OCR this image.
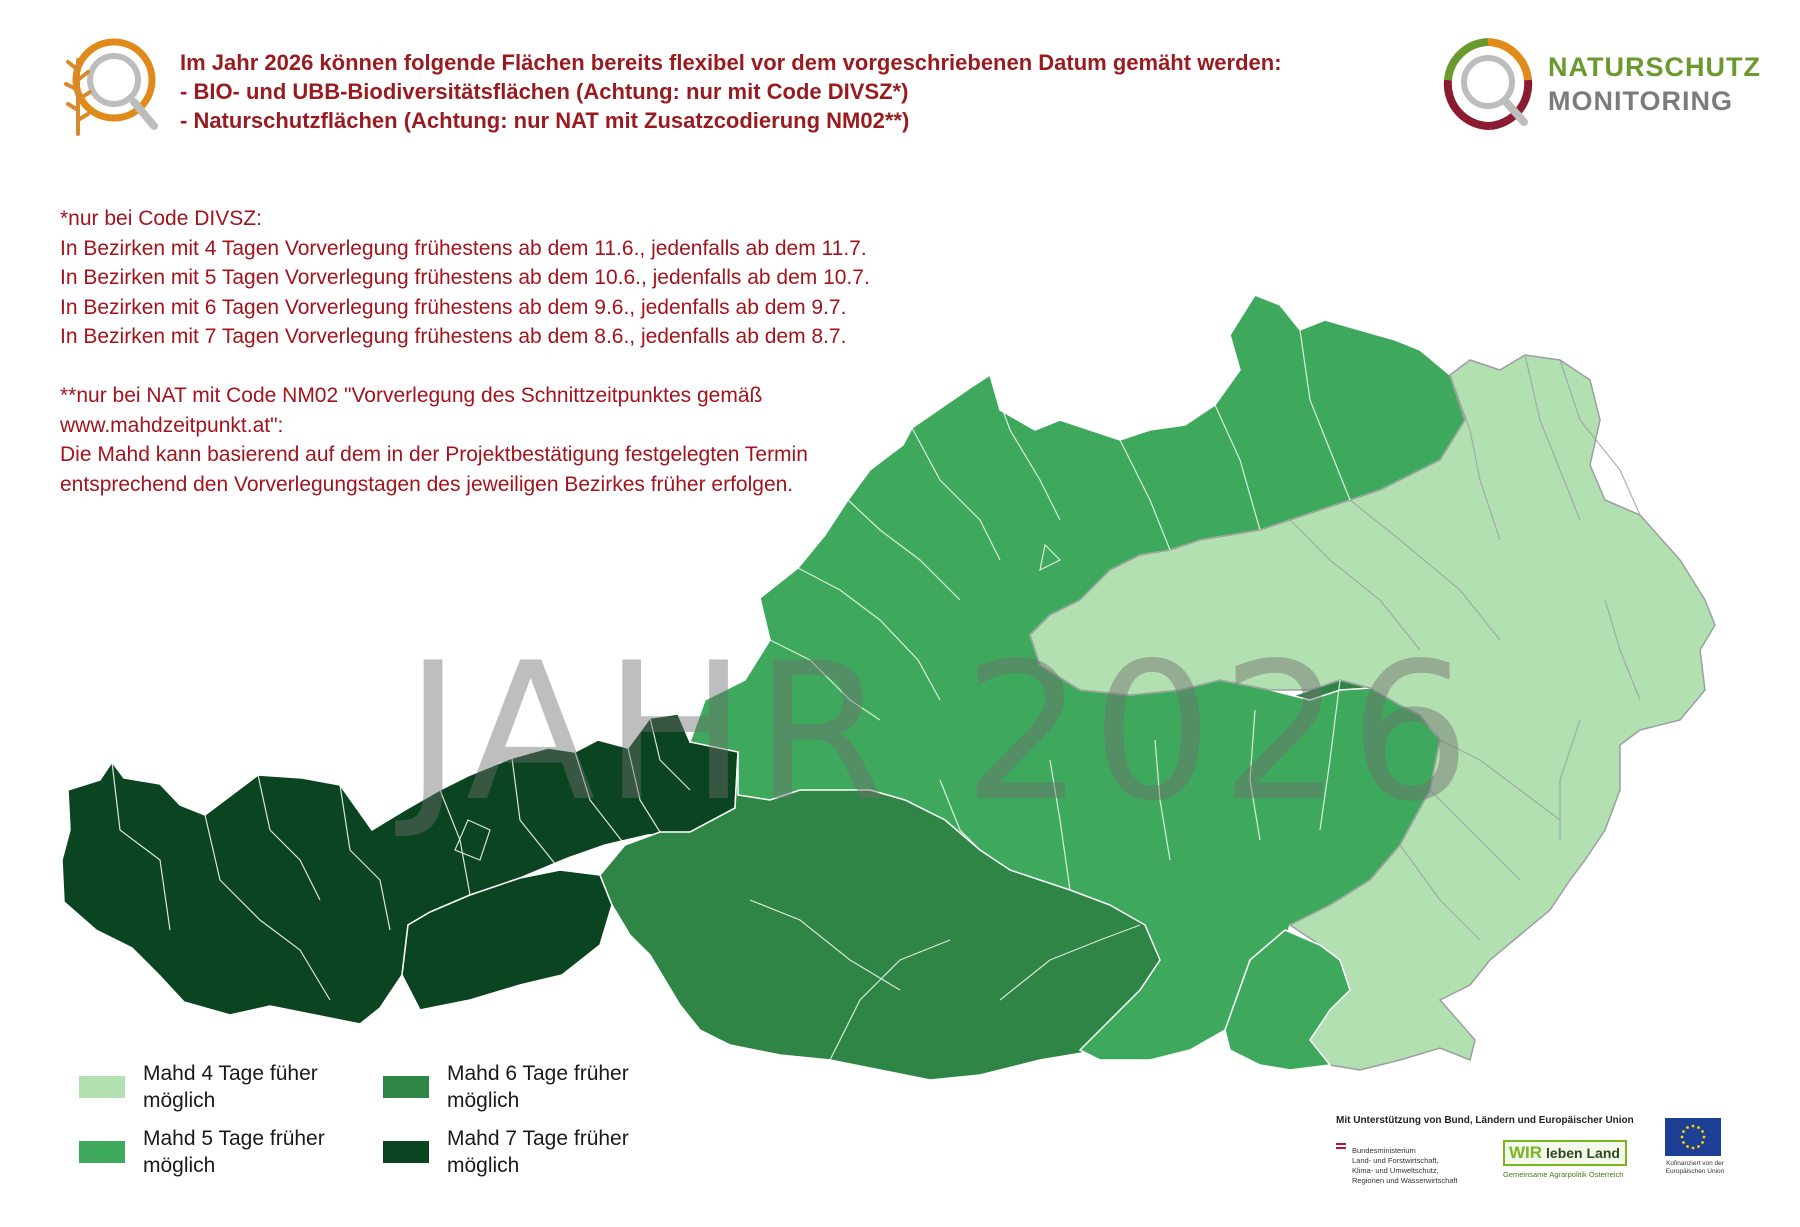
JAHR 2026
Im Jahr 2026 können folgende Flächen bereits flexibel vor dem vorgeschriebenen Datum gemäht werden:
- BIO- und UBB-Biodiversitätsflächen (Achtung: nur mit Code DIVSZ*)
- Naturschutzflächen (Achtung: nur NAT mit Zusatzcodierung NM02**)
NATURSCHUTZ
MONITORING
*nur bei Code DIVSZ:
In Bezirken mit 4 Tagen Vorverlegung frühestens ab dem 11.6., jedenfalls ab dem 11.7.
In Bezirken mit 5 Tagen Vorverlegung frühestens ab dem 10.6., jedenfalls ab dem 10.7.
In Bezirken mit 6 Tagen Vorverlegung frühestens ab dem 9.6., jedenfalls ab dem 9.7.
In Bezirken mit 7 Tagen Vorverlegung frühestens ab dem 8.6., jedenfalls ab dem 8.7.
**nur bei NAT mit Code NM02 "Vorverlegung des Schnittzeitpunktes gemäß
www.mahdzeitpunkt.at":
Die Mahd kann basierend auf dem in der Projektbestätigung festgelegten Termin
entsprechend den Vorverlegungstagen des jeweiligen Bezirkes früher erfolgen.
Mahd 4 Tage füher möglich
Mahd 5 Tage früher möglich
Mahd 6 Tage früher möglich
Mahd 7 Tage früher möglich
Mit Unterstützung von Bund, Ländern und Europäischer Union
Bundesministerium
Land- und Forstwirtschaft,
Klima- und Umweltschutz,
Regionen und Wasserwirtschaft
WIR leben Land
Gemeinsame Agrarpolitik Österreich
Kofinanziert von der Europäischen Union
